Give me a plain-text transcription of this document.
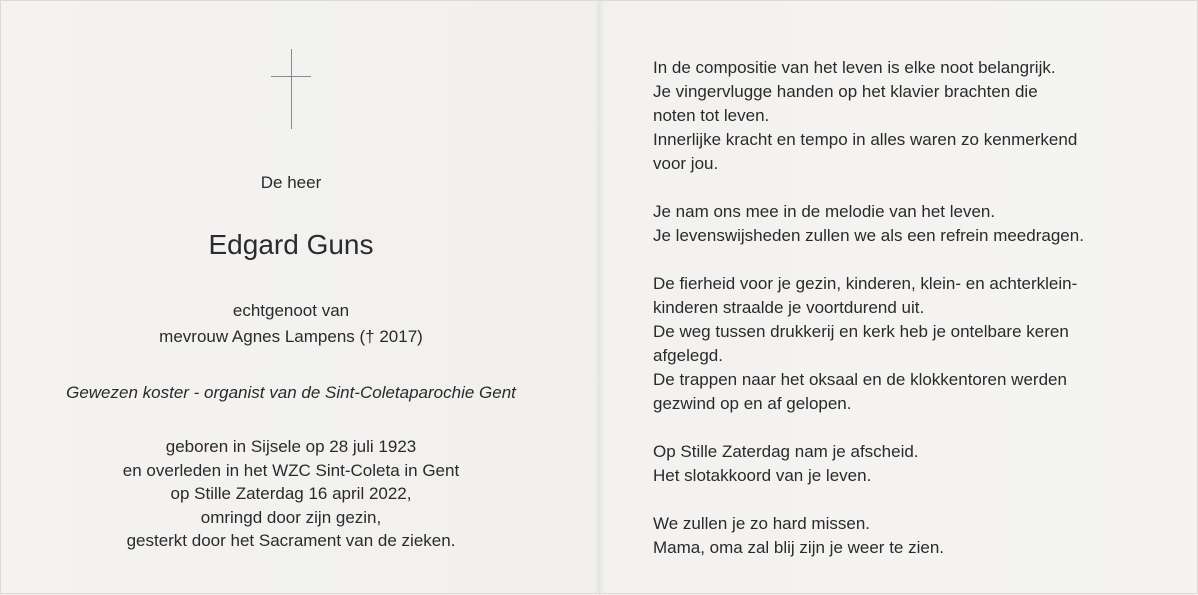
De heer
Edgard Guns
echtgenoot van
mevrouw Agnes Lampens († 2017)
Gewezen koster - organist van de Sint-Coletaparochie Gent
geboren in Sijsele op 28 juli 1923
en overleden in het WZC Sint-Coleta in Gent
op Stille Zaterdag 16 april 2022,
omringd door zijn gezin,
gesterkt door het Sacrament van de zieken.
In de compositie van het leven is elke noot belangrijk.
Je vingervlugge handen op het klavier brachten die
noten tot leven.
Innerlijke kracht en tempo in alles waren zo kenmerkend
voor jou.
Je nam ons mee in de melodie van het leven.
Je levenswijsheden zullen we als een refrein meedragen.
De fierheid voor je gezin, kinderen, klein- en achterklein-
kinderen straalde je voortdurend uit.
De weg tussen drukkerij en kerk heb je ontelbare keren
afgelegd.
De trappen naar het oksaal en de klokkentoren werden
gezwind op en af gelopen.
Op Stille Zaterdag nam je afscheid.
Het slotakkoord van je leven.
We zullen je zo hard missen.
Mama, oma zal blij zijn je weer te zien.
